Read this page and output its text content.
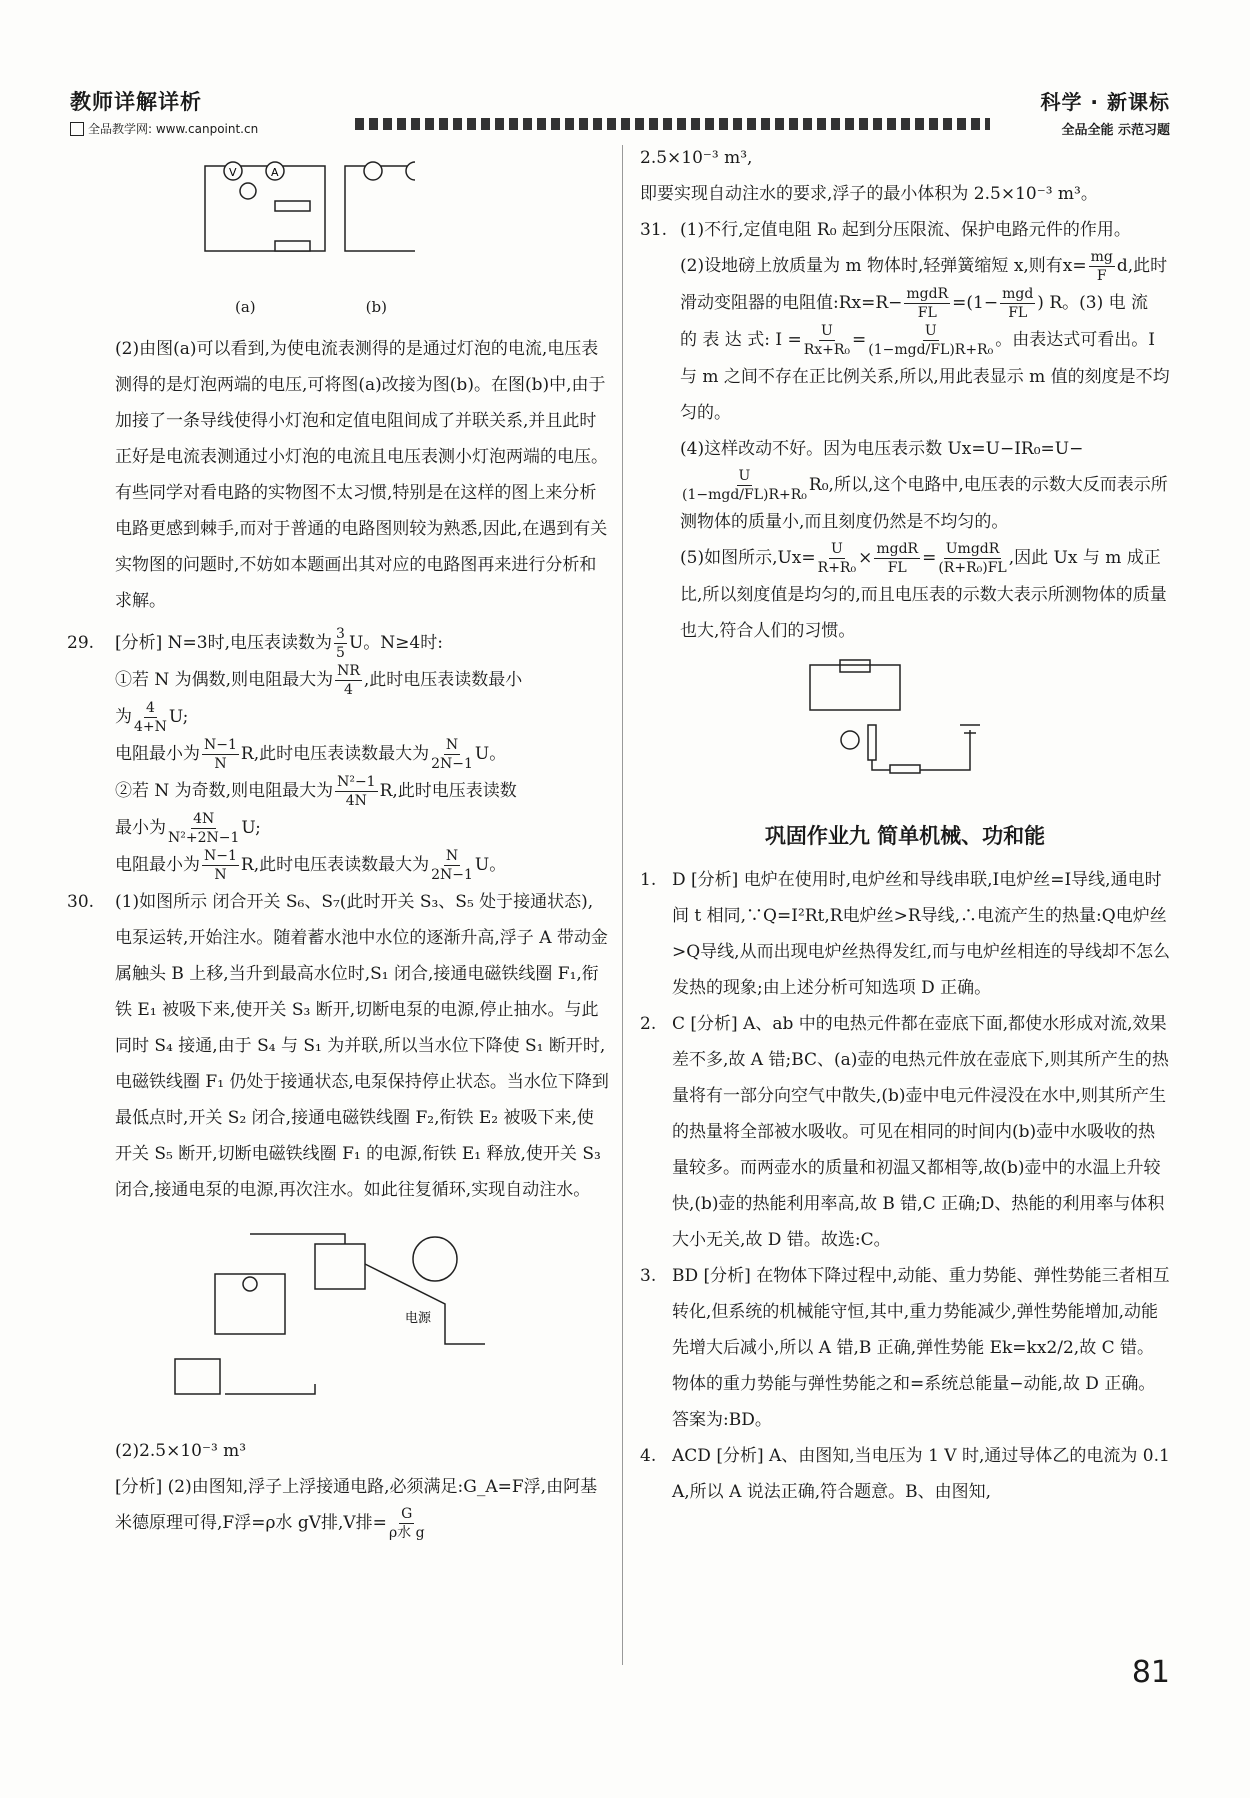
教师详解详析
全品教学网: www.canpoint.cn
科学 · 新课标
全品全能 示范习题
V	A
(a)	(b)

(2)由图(a)可以看到,为使电流表测得的是通过灯泡的电流,电压表测得的是灯泡两端的电压,可将图(a)改接为图(b)。在图(b)中,由于加接了一条导线使得小灯泡和定值电阻间成了并联关系,并且此时正好是电流表测通过小灯泡的电流且电压表测小灯泡两端的电压。

有些同学对看电路的实物图不太习惯,特别是在这样的图上来分析电路更感到棘手,而对于普通的电路图则较为熟悉,因此,在遇到有关实物图的问题时,不妨如本题画出其对应的电路图再来进行分析和求解。

29. [分析] N=3时,电压表读数为 $\frac{3}{5}$ U。N≥4时:

①若 N 为偶数,则电阻最大为 $\frac{NR}{4}$ ,此时电压表读数最小

为 $\frac{4}{4+N} U$;

电阻最小为 $\frac{N-1}{N} R$,此时电压表读数最大为 $\frac{N}{2N-1}$ U。

②若 N 为奇数,则电阻最大为 $\frac{\text{N²−1}}{4N} R$,此时电压表读数

最小为 $\frac{4N}{\text{N²+2N−1}} U$;

电阻最小为 $\frac{N-1}{N} R$,此时电压表读数最大为 $\frac{N}{2N-1}$ U。

30. (1)如图所示 闭合开关 S₆、S₇(此时开关 S₃、S₅ 处于接通状态),电泵运转,开始注水。随着蓄水池中水位的逐渐升高,浮子 A 带动金属触头 B 上移,当升到最高水位时,S₁ 闭合,接通电磁铁线圈 F₁,衔铁 E₁ 被吸下来,使开关 S₃ 断开,切断电泵的电源,停止抽水。与此同时 S₄ 接通,由于 S₄ 与 S₁ 为并联,所以当水位下降使 S₁ 断开时,电磁铁线圈 F₁ 仍处于接通状态,电泵保持停止状态。当水位下降到最低点时,开关 S₂ 闭合,接通电磁铁线圈 F₂,衔铁 E₂ 被吸下来,使开关 S₅ 断开,切断电磁铁线圈 F₁ 的电源,衔铁 E₁ 释放,使开关 S₃ 闭合,接通电泵的电源,再次注水。如此往复循环,实现自动注水。

电源

(2)2.5×10⁻³ m³

[分析] (2)由图知,浮子上浮接通电路,必须满足:G_A=F浮,由阿基米德原理可得,F浮=ρ水 gV排,V排= $\frac{G}{\text{ρ水 g}}$

2.5×10⁻³ m³,

即要实现自动注水的要求,浮子的最小体积为 2.5×10⁻³ m³。

31. (1)不行,定值电阻 R₀ 起到分压限流、保护电路元件的作用。

(2)设地磅上放质量为 m 物体时,轻弹簧缩短 x,则有$x= \frac{mg}{F} d$,此时滑动变阻器的电阻值:Rx=R− $\frac{\text{mgdR}}{FL} =(1- \frac{\text{mgd}}{FL}$ ) R。(3) 电 流 的 表 达 式: $I = \frac{U}{\text{Rx+R₀}} = \frac{U}{\text{(1−mgd/FL)R+R₀}}$ 。由表达式可看出。I 与 m 之间不存在正比例关系,所以,用此表显示 m 值的刻度是不均匀的。

(4)这样改动不好。因为电压表示数 Ux=U−IR₀=U−
$\frac{U}{\text{(1−mgd/FL)R+R₀}} R_0$,所以,这个电路中,电压表的示数大反而表示所测物体的质量小,而且刻度仍然是不均匀的。

(5)如图所示$,Ux= \frac{U}{\text{R+R₀}} \times \frac{\text{mgdR}}{FL} = \frac{\text{UmgdR}}{\text{(R+R₀)FL}}$ ,因此 Ux 与 m 成正比,所以刻度值是均匀的,而且电压表的示数大表示所测物体的质量也大,符合人们的习惯。

巩固作业九 简单机械、功和能

1. D [分析] 电炉在使用时,电炉丝和导线串联,I电炉丝=I导线,通电时间 t 相同,∵Q=I²Rt,R电炉丝>R导线,∴电流产生的热量:Q电炉丝>Q导线,从而出现电炉丝热得发红,而与电炉丝相连的导线却不怎么发热的现象;由上述分析可知选项 D 正确。

2. C [分析] A、ab 中的电热元件都在壶底下面,都使水形成对流,效果差不多,故 A 错;BC、(a)壶的电热元件放在壶底下,则其所产生的热量将有一部分向空气中散失,(b)壶中电元件浸没在水中,则其所产生的热量将全部被水吸收。可见在相同的时间内(b)壶中水吸收的热量较多。而两壶水的质量和初温又都相等,故(b)壶中的水温上升较快,(b)壶的热能利用率高,故 B 错,C 正确;D、热能的利用率与体积大小无关,故 D 错。故选:C。

3. BD [分析] 在物体下降过程中,动能、重力势能、弹性势能三者相互转化,但系统的机械能守恒,其中,重力势能减少,弹性势能增加,动能先增大后减小,所以 A 错,B 正确,弹性势能 Ek=kx2/2,故 C 错。物体的重力势能与弹性势能之和=系统总能量−动能,故 D 正确。答案为:BD。

4. ACD [分析] A、由图知,当电压为 1 V 时,通过导体乙的电流为 0.1 A,所以 A 说法正确,符合题意。B、由图知,

81
